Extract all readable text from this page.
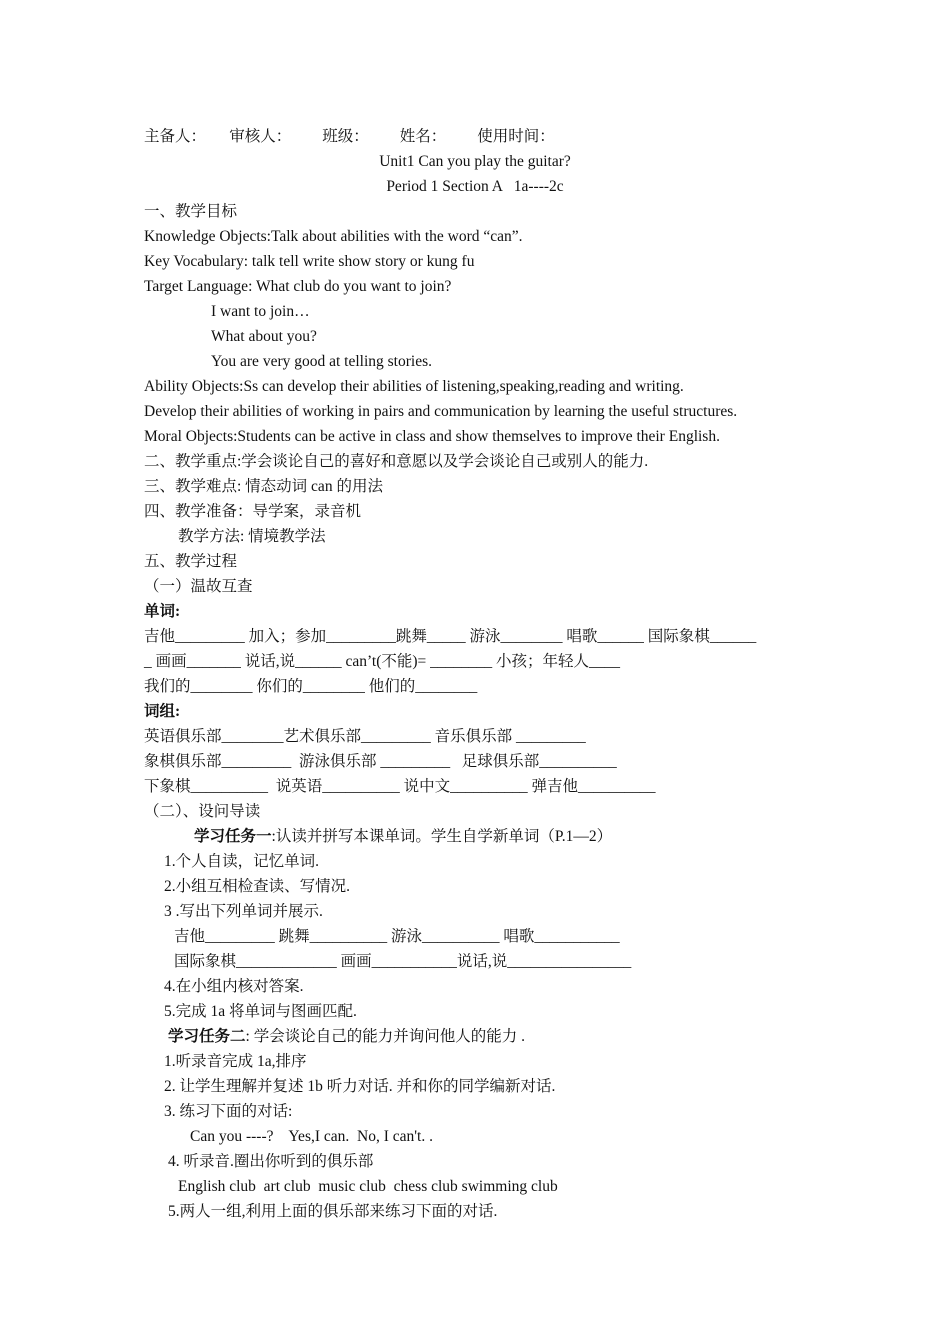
主备人：      审核人：        班级：        姓名：        使用时间：
Unit1 Can you play the guitar?
Period 1 Section A   1a----2c
一、教学目标
Knowledge Objects:Talk about abilities with the word “can”.
Key Vocabulary: talk tell write show story or kung fu
Target Language: What club do you want to join?
I want to join…
What about you?
You are very good at telling stories.
Ability Objects:Ss can develop their abilities of listening,speaking,reading and writing.
Develop their abilities of working in pairs and communication by learning the useful structures.
Moral Objects:Students can be active in class and show themselves to improve their English.
二、教学重点:学会谈论自己的喜好和意愿以及学会谈论自己或别人的能力.
三、教学难点: 情态动词 can 的用法
四、教学准备：导学案，录音机
教学方法: 情境教学法
五、教学过程
（一）温故互查
单词:
吉他_________ 加入；参加_________跳舞_____ 游泳________ 唱歌______ 国际象棋______
_ 画画_______ 说话,说______ can’t(不能)= ________ 小孩；年轻人____
我们的________ 你们的________ 他们的________
词组:
英语俱乐部________艺术俱乐部_________ 音乐俱乐部 _________
象棋俱乐部_________  游泳俱乐部 _________   足球俱乐部__________
下象棋__________  说英语__________ 说中文__________ 弹吉他__________
（二）、设问导读
学习任务一:认读并拼写本课单词。学生自学新单词（P.1—2）
1.个人自读，记忆单词.
2.小组互相检查读、写情况.
3 .写出下列单词并展示.
吉他_________ 跳舞__________ 游泳__________ 唱歌___________
国际象棋_____________ 画画___________说话,说________________
4.在小组内核对答案.
5.完成 1a 将单词与图画匹配.
学习任务二: 学会谈论自己的能力并询问他人的能力 .
1.听录音完成 1a,排序
2. 让学生理解并复述 1b 听力对话. 并和你的同学编新对话.
3. 练习下面的对话:
Can you ----?    Yes,I can.  No, I can't. .
4. 听录音.圈出你听到的俱乐部
English club  art club  music club  chess club swimming club
5.两人一组,利用上面的俱乐部来练习下面的对话.
